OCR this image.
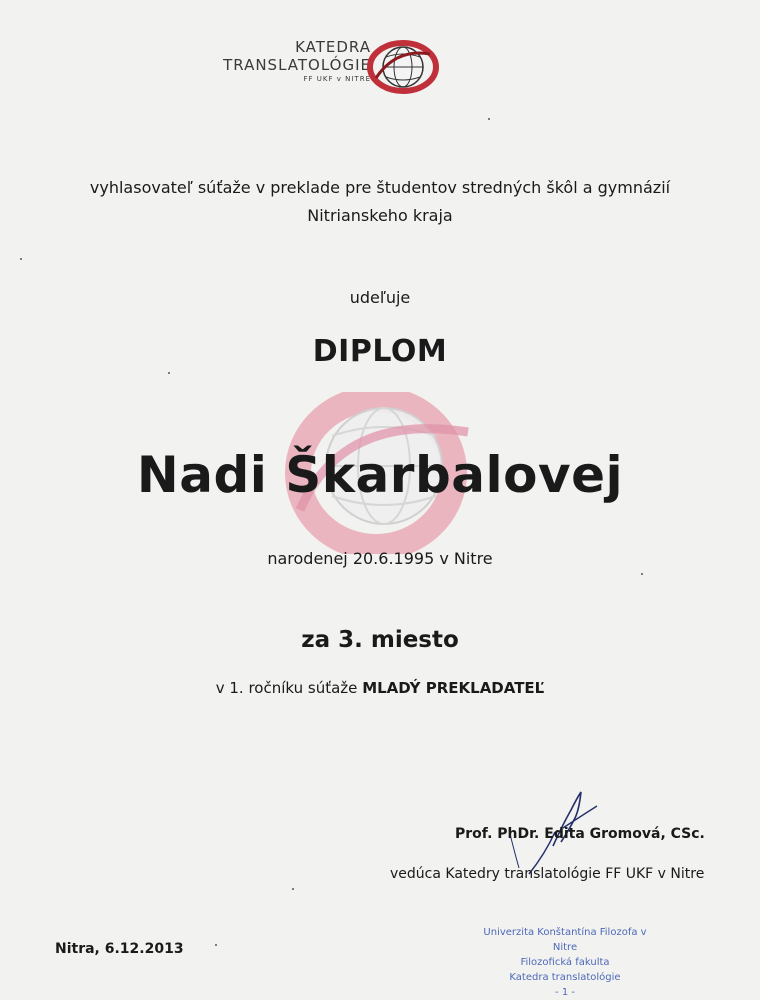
KATEDRA
TRANSLATOLÓGIE
FF UKF v NITRE
vyhlasovateľ súťaže v preklade pre študentov stredných škôl a gymnázií
Nitrianskeho kraja
udeľuje
DIPLOM
Nadi Škarbalovej
narodenej 20.6.1995 v Nitre
za 3. miesto
v 1. ročníku súťaže MLADÝ PREKLADATEĽ
Prof. PhDr. Edita Gromová, CSc.
vedúca Katedry translatológie FF UKF v Nitre
Nitra, 6.12.2013
Univerzita Konštantína Filozofa v Nitre
Filozofická fakulta
Katedra translatológie
- 1 -
